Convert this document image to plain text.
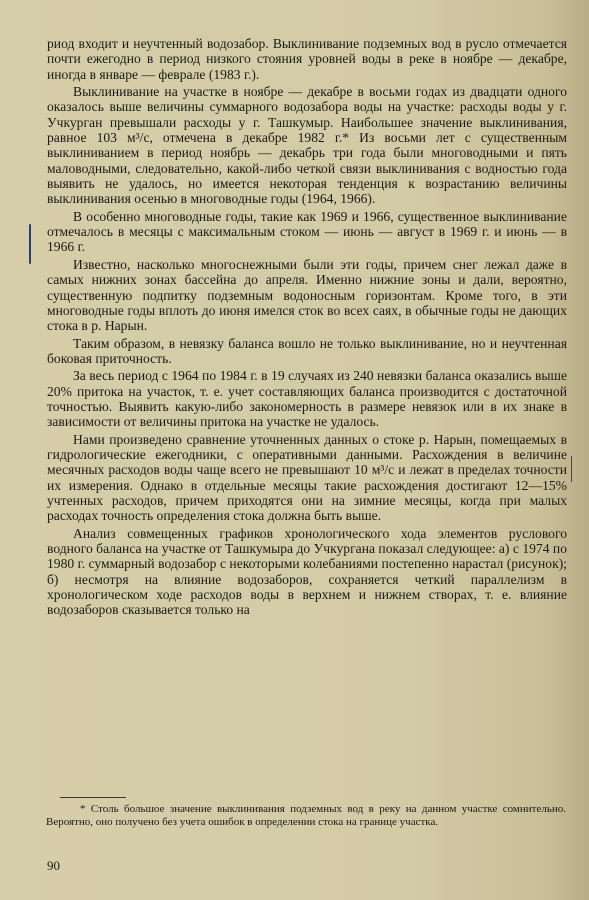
риод входит и неучтенный водозабор. Выклинивание подземных вод в русло отмечается почти ежегодно в период низкого стояния уровней воды в реке в ноябре — декабре, иногда в январе — феврале (1983 г.).

Выклинивание на участке в ноябре — декабре в восьми годах из двадцати одного оказалось выше величины суммарного водозабора воды на участке: расходы воды у г. Учкурган превышали расходы у г. Ташкумыр. Наибольшее значение выклинивания, равное 103 м³/с, отмечена в декабре 1982 г.* Из восьми лет с существенным выклиниванием в период ноябрь — декабрь три года были многоводными и пять маловодными, следовательно, какой-либо четкой связи выклинивания с водностью года выявить не удалось, но имеется некоторая тенденция к возрастанию величины выклинивания осенью в многоводные годы (1964, 1966).

В особенно многоводные годы, такие как 1969 и 1966, существенное выклинивание отмечалось в месяцы с максимальным стоком — июнь — август в 1969 г. и июнь — в 1966 г.

Известно, насколько многоснежными были эти годы, причем снег лежал даже в самых нижних зонах бассейна до апреля. Именно нижние зоны и дали, вероятно, существенную подпитку подземным водоносным горизонтам. Кроме того, в эти многоводные годы вплоть до июня имелся сток во всех саях, в обычные годы не дающих стока в р. Нарын.

Таким образом, в невязку баланса вошло не только выклинивание, но и неучтенная боковая приточность.

За весь период с 1964 по 1984 г. в 19 случаях из 240 невязки баланса оказались выше 20% притока на участок, т. е. учет составляющих баланса производится с достаточной точностью. Выявить какую-либо закономерность в размере невязок или в их знаке в зависимости от величины притока на участке не удалось.

Нами произведено сравнение уточненных данных о стоке р. Нарын, помещаемых в гидрологические ежегодники, с оперативными данными. Расхождения в величине месячных расходов воды чаще всего не превышают 10 м³/с и лежат в пределах точности их измерения. Однако в отдельные месяцы такие расхождения достигают 12—15% учтенных расходов, причем приходятся они на зимние месяцы, когда при малых расходах точность определения стока должна быть выше.

Анализ совмещенных графиков хронологического хода элементов руслового водного баланса на участке от Ташкумыра до Учкургана показал следующее: а) с 1974 по 1980 г. суммарный водозабор с некоторыми колебаниями постепенно нарастал (рисунок); б) несмотря на влияние водозаборов, сохраняется четкий параллелизм в хронологическом ходе расходов воды в верхнем и нижнем створах, т. е. влияние водозаборов сказывается только на

* Столь большое значение выклинивания подземных вод в реку на данном участке сомнительно. Вероятно, оно получено без учета ошибок в определении стока на границе участка.

90
